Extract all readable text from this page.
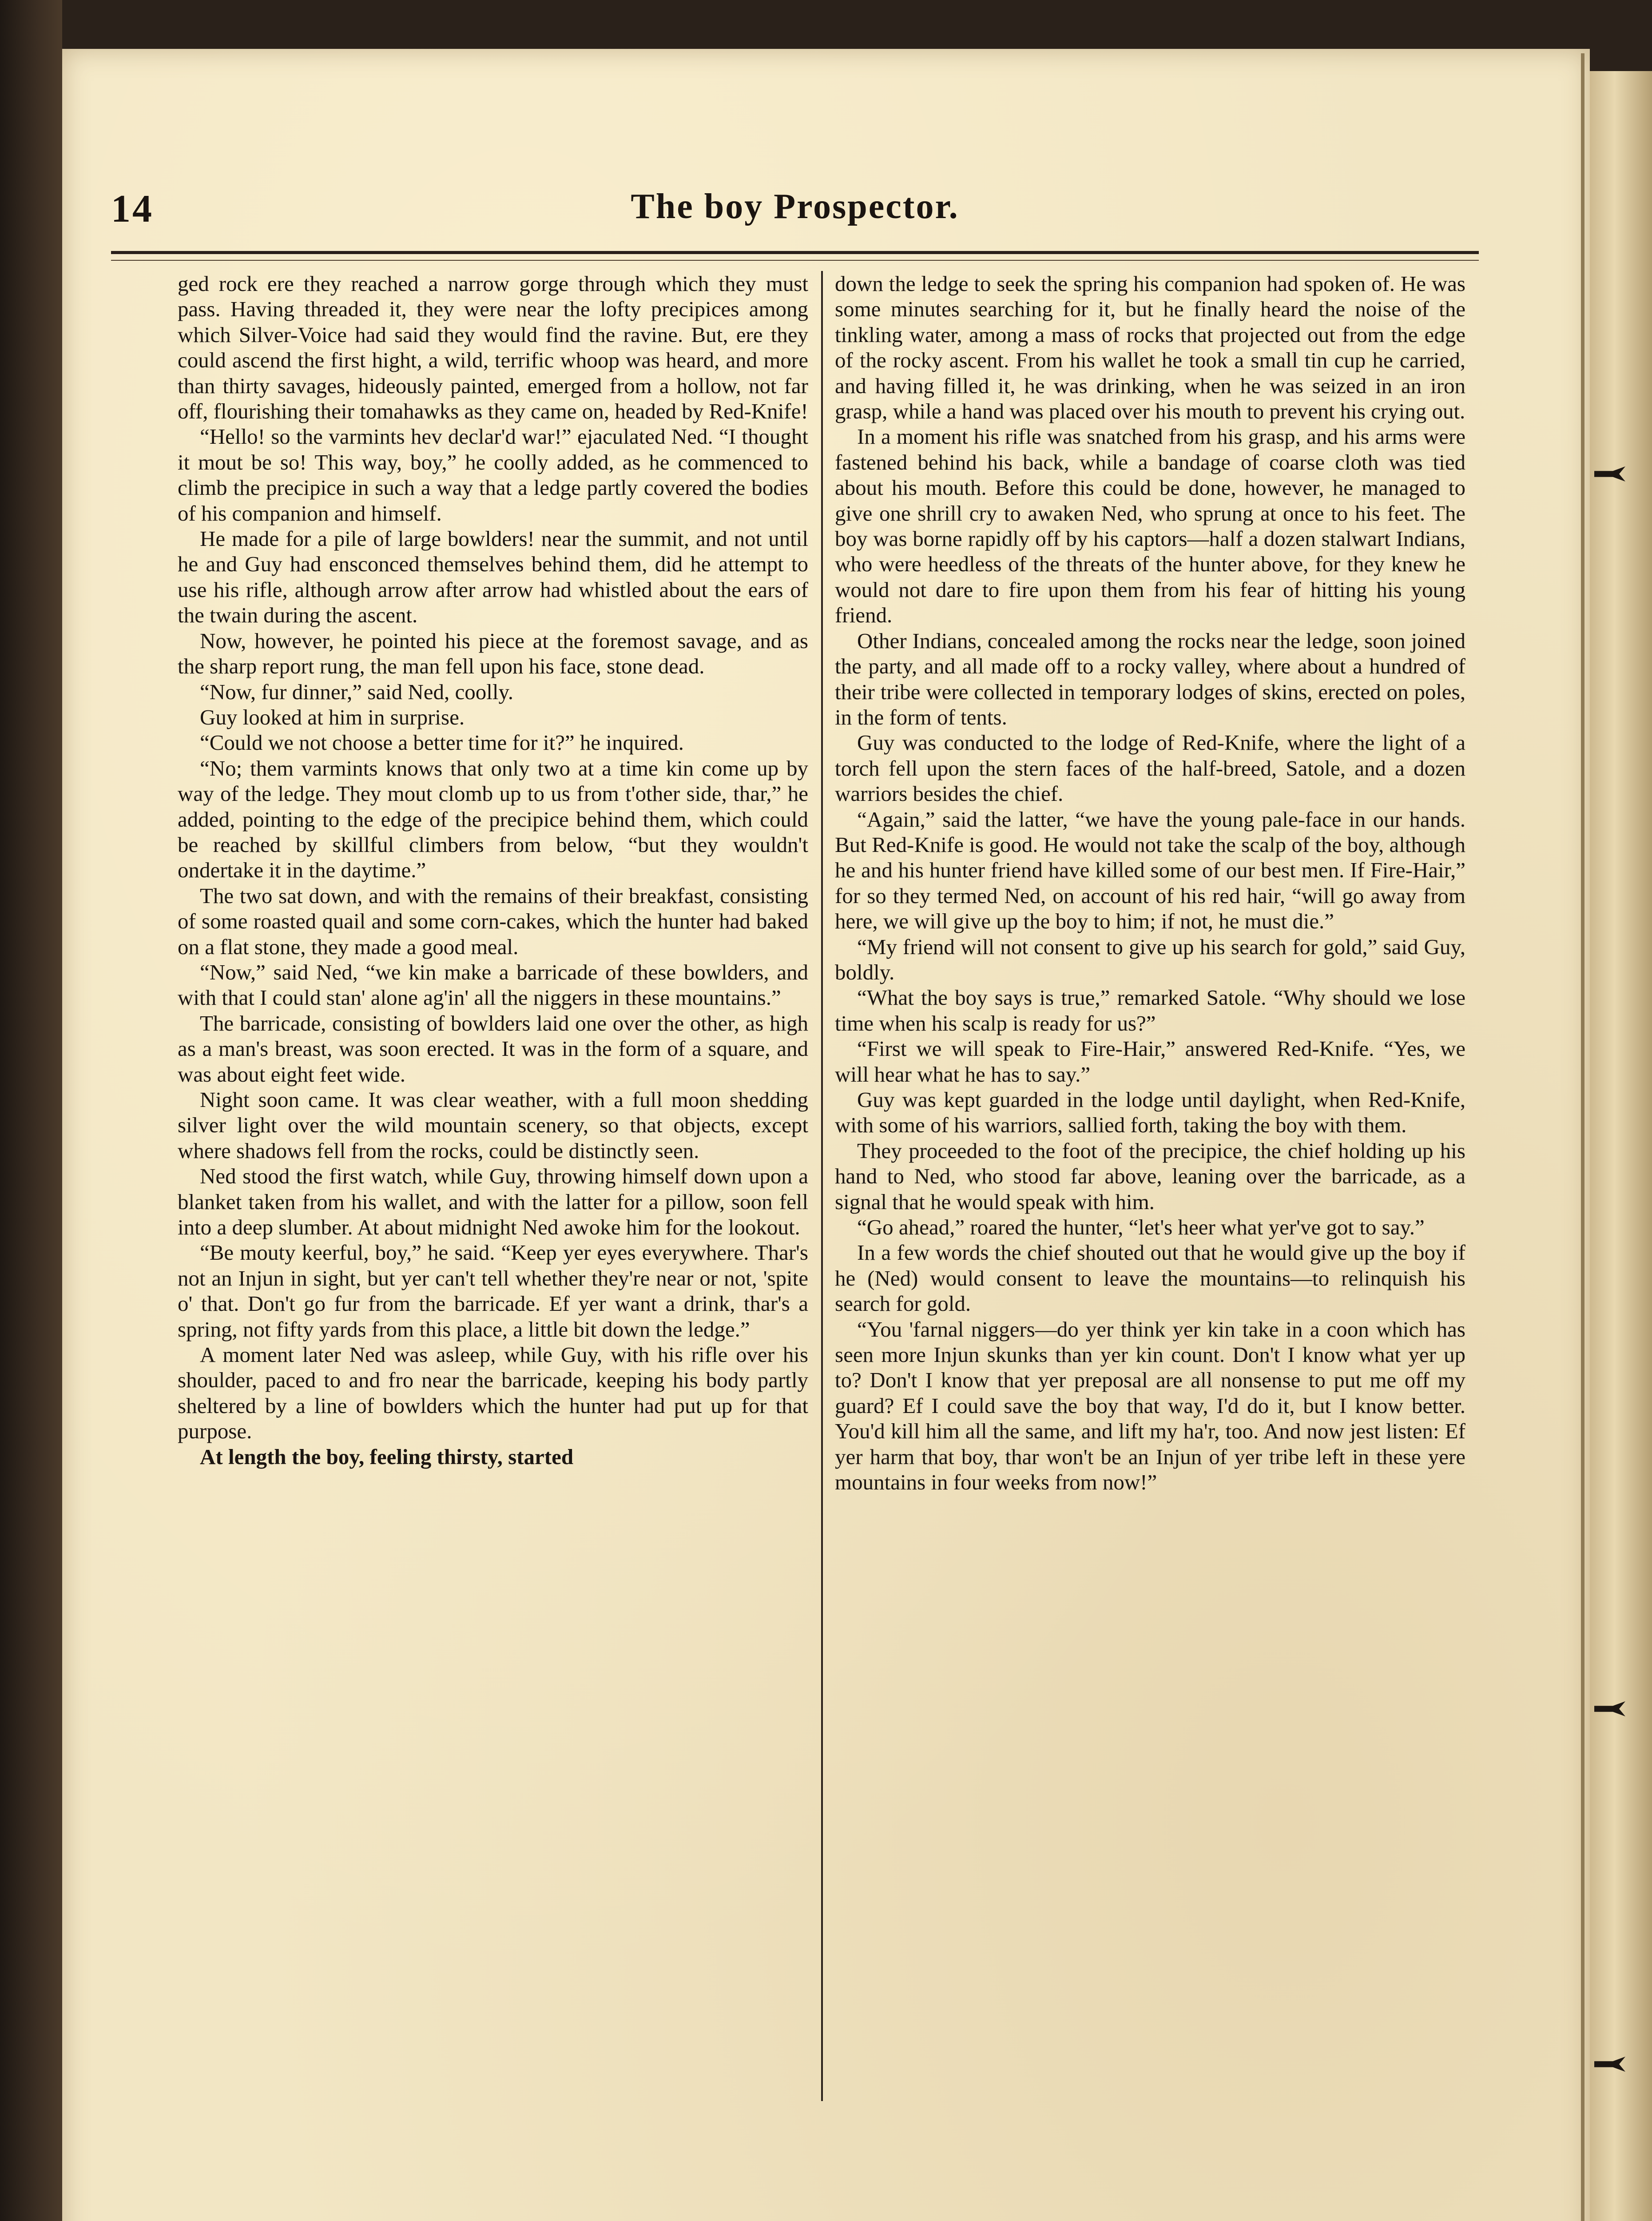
14	The boy Prospector.

ged rock ere they reached a narrow gorge through which they must pass. Having threaded it, they were near the lofty precipices among which Silver-Voice had said they would find the ravine. But, ere they could ascend the first hight, a wild, terrific whoop was heard, and more than thirty savages, hideously painted, emerged from a hollow, not far off, flourishing their tomahawks as they came on, headed by Red-Knife!

“Hello! so the varmints hev declar'd war!” ejaculated Ned. “I thought it mout be so! This way, boy,” he coolly added, as he commenced to climb the precipice in such a way that a ledge partly covered the bodies of his companion and himself.

He made for a pile of large bowlders! near the summit, and not until he and Guy had ensconced themselves behind them, did he attempt to use his rifle, although arrow after arrow had whistled about the ears of the twain during the ascent.

Now, however, he pointed his piece at the foremost savage, and as the sharp report rung, the man fell upon his face, stone dead.

“Now, fur dinner,” said Ned, coolly.

Guy looked at him in surprise.

“Could we not choose a better time for it?” he inquired.

“No; them varmints knows that only two at a time kin come up by way of the ledge. They mout clomb up to us from t'other side, thar,” he added, pointing to the edge of the precipice behind them, which could be reached by skillful climbers from below, “but they wouldn't ondertake it in the daytime.”

The two sat down, and with the remains of their breakfast, consisting of some roasted quail and some corn-cakes, which the hunter had baked on a flat stone, they made a good meal.

“Now,” said Ned, “we kin make a barricade of these bowlders, and with that I could stan' alone ag'in' all the niggers in these mountains.”

The barricade, consisting of bowlders laid one over the other, as high as a man's breast, was soon erected. It was in the form of a square, and was about eight feet wide.

Night soon came. It was clear weather, with a full moon shedding silver light over the wild mountain scenery, so that objects, except where shadows fell from the rocks, could be distinctly seen.

Ned stood the first watch, while Guy, throwing himself down upon a blanket taken from his wallet, and with the latter for a pillow, soon fell into a deep slumber. At about midnight Ned awoke him for the lookout.

“Be mouty keerful, boy,” he said. “Keep yer eyes everywhere. Thar's not an Injun in sight, but yer can't tell whether they're near or not, 'spite o' that. Don't go fur from the barricade. Ef yer want a drink, thar's a spring, not fifty yards from this place, a little bit down the ledge.”

A moment later Ned was asleep, while Guy, with his rifle over his shoulder, paced to and fro near the barricade, keeping his body partly sheltered by a line of bowlders which the hunter had put up for that purpose.

At length the boy, feeling thirsty, started

down the ledge to seek the spring his companion had spoken of. He was some minutes searching for it, but he finally heard the noise of the tinkling water, among a mass of rocks that projected out from the edge of the rocky ascent. From his wallet he took a small tin cup he carried, and having filled it, he was drinking, when he was seized in an iron grasp, while a hand was placed over his mouth to prevent his crying out.

In a moment his rifle was snatched from his grasp, and his arms were fastened behind his back, while a bandage of coarse cloth was tied about his mouth. Before this could be done, however, he managed to give one shrill cry to awaken Ned, who sprung at once to his feet. The boy was borne rapidly off by his captors—half a dozen stalwart Indians, who were heedless of the threats of the hunter above, for they knew he would not dare to fire upon them from his fear of hitting his young friend.

Other Indians, concealed among the rocks near the ledge, soon joined the party, and all made off to a rocky valley, where about a hundred of their tribe were collected in temporary lodges of skins, erected on poles, in the form of tents.

Guy was conducted to the lodge of Red-Knife, where the light of a torch fell upon the stern faces of the half-breed, Satole, and a dozen warriors besides the chief.

“Again,” said the latter, “we have the young pale-face in our hands. But Red-Knife is good. He would not take the scalp of the boy, although he and his hunter friend have killed some of our best men. If Fire-Hair,” for so they termed Ned, on account of his red hair, “will go away from here, we will give up the boy to him; if not, he must die.”

“My friend will not consent to give up his search for gold,” said Guy, boldly.

“What the boy says is true,” remarked Satole. “Why should we lose time when his scalp is ready for us?”

“First we will speak to Fire-Hair,” answered Red-Knife. “Yes, we will hear what he has to say.”

Guy was kept guarded in the lodge until daylight, when Red-Knife, with some of his warriors, sallied forth, taking the boy with them.

They proceeded to the foot of the precipice, the chief holding up his hand to Ned, who stood far above, leaning over the barricade, as a signal that he would speak with him.

“Go ahead,” roared the hunter, “let's heer what yer've got to say.”

In a few words the chief shouted out that he would give up the boy if he (Ned) would consent to leave the mountains—to relinquish his search for gold.

“You 'farnal niggers—do yer think yer kin take in a coon which has seen more Injun skunks than yer kin count. Don't I know what yer up to? Don't I know that yer preposal are all nonsense to put me off my guard? Ef I could save the boy that way, I'd do it, but I know better. You'd kill him all the same, and lift my ha'r, too. And now jest listen: Ef yer harm that boy, thar won't be an Injun of yer tribe left in these yere mountains in four weeks from now!”
